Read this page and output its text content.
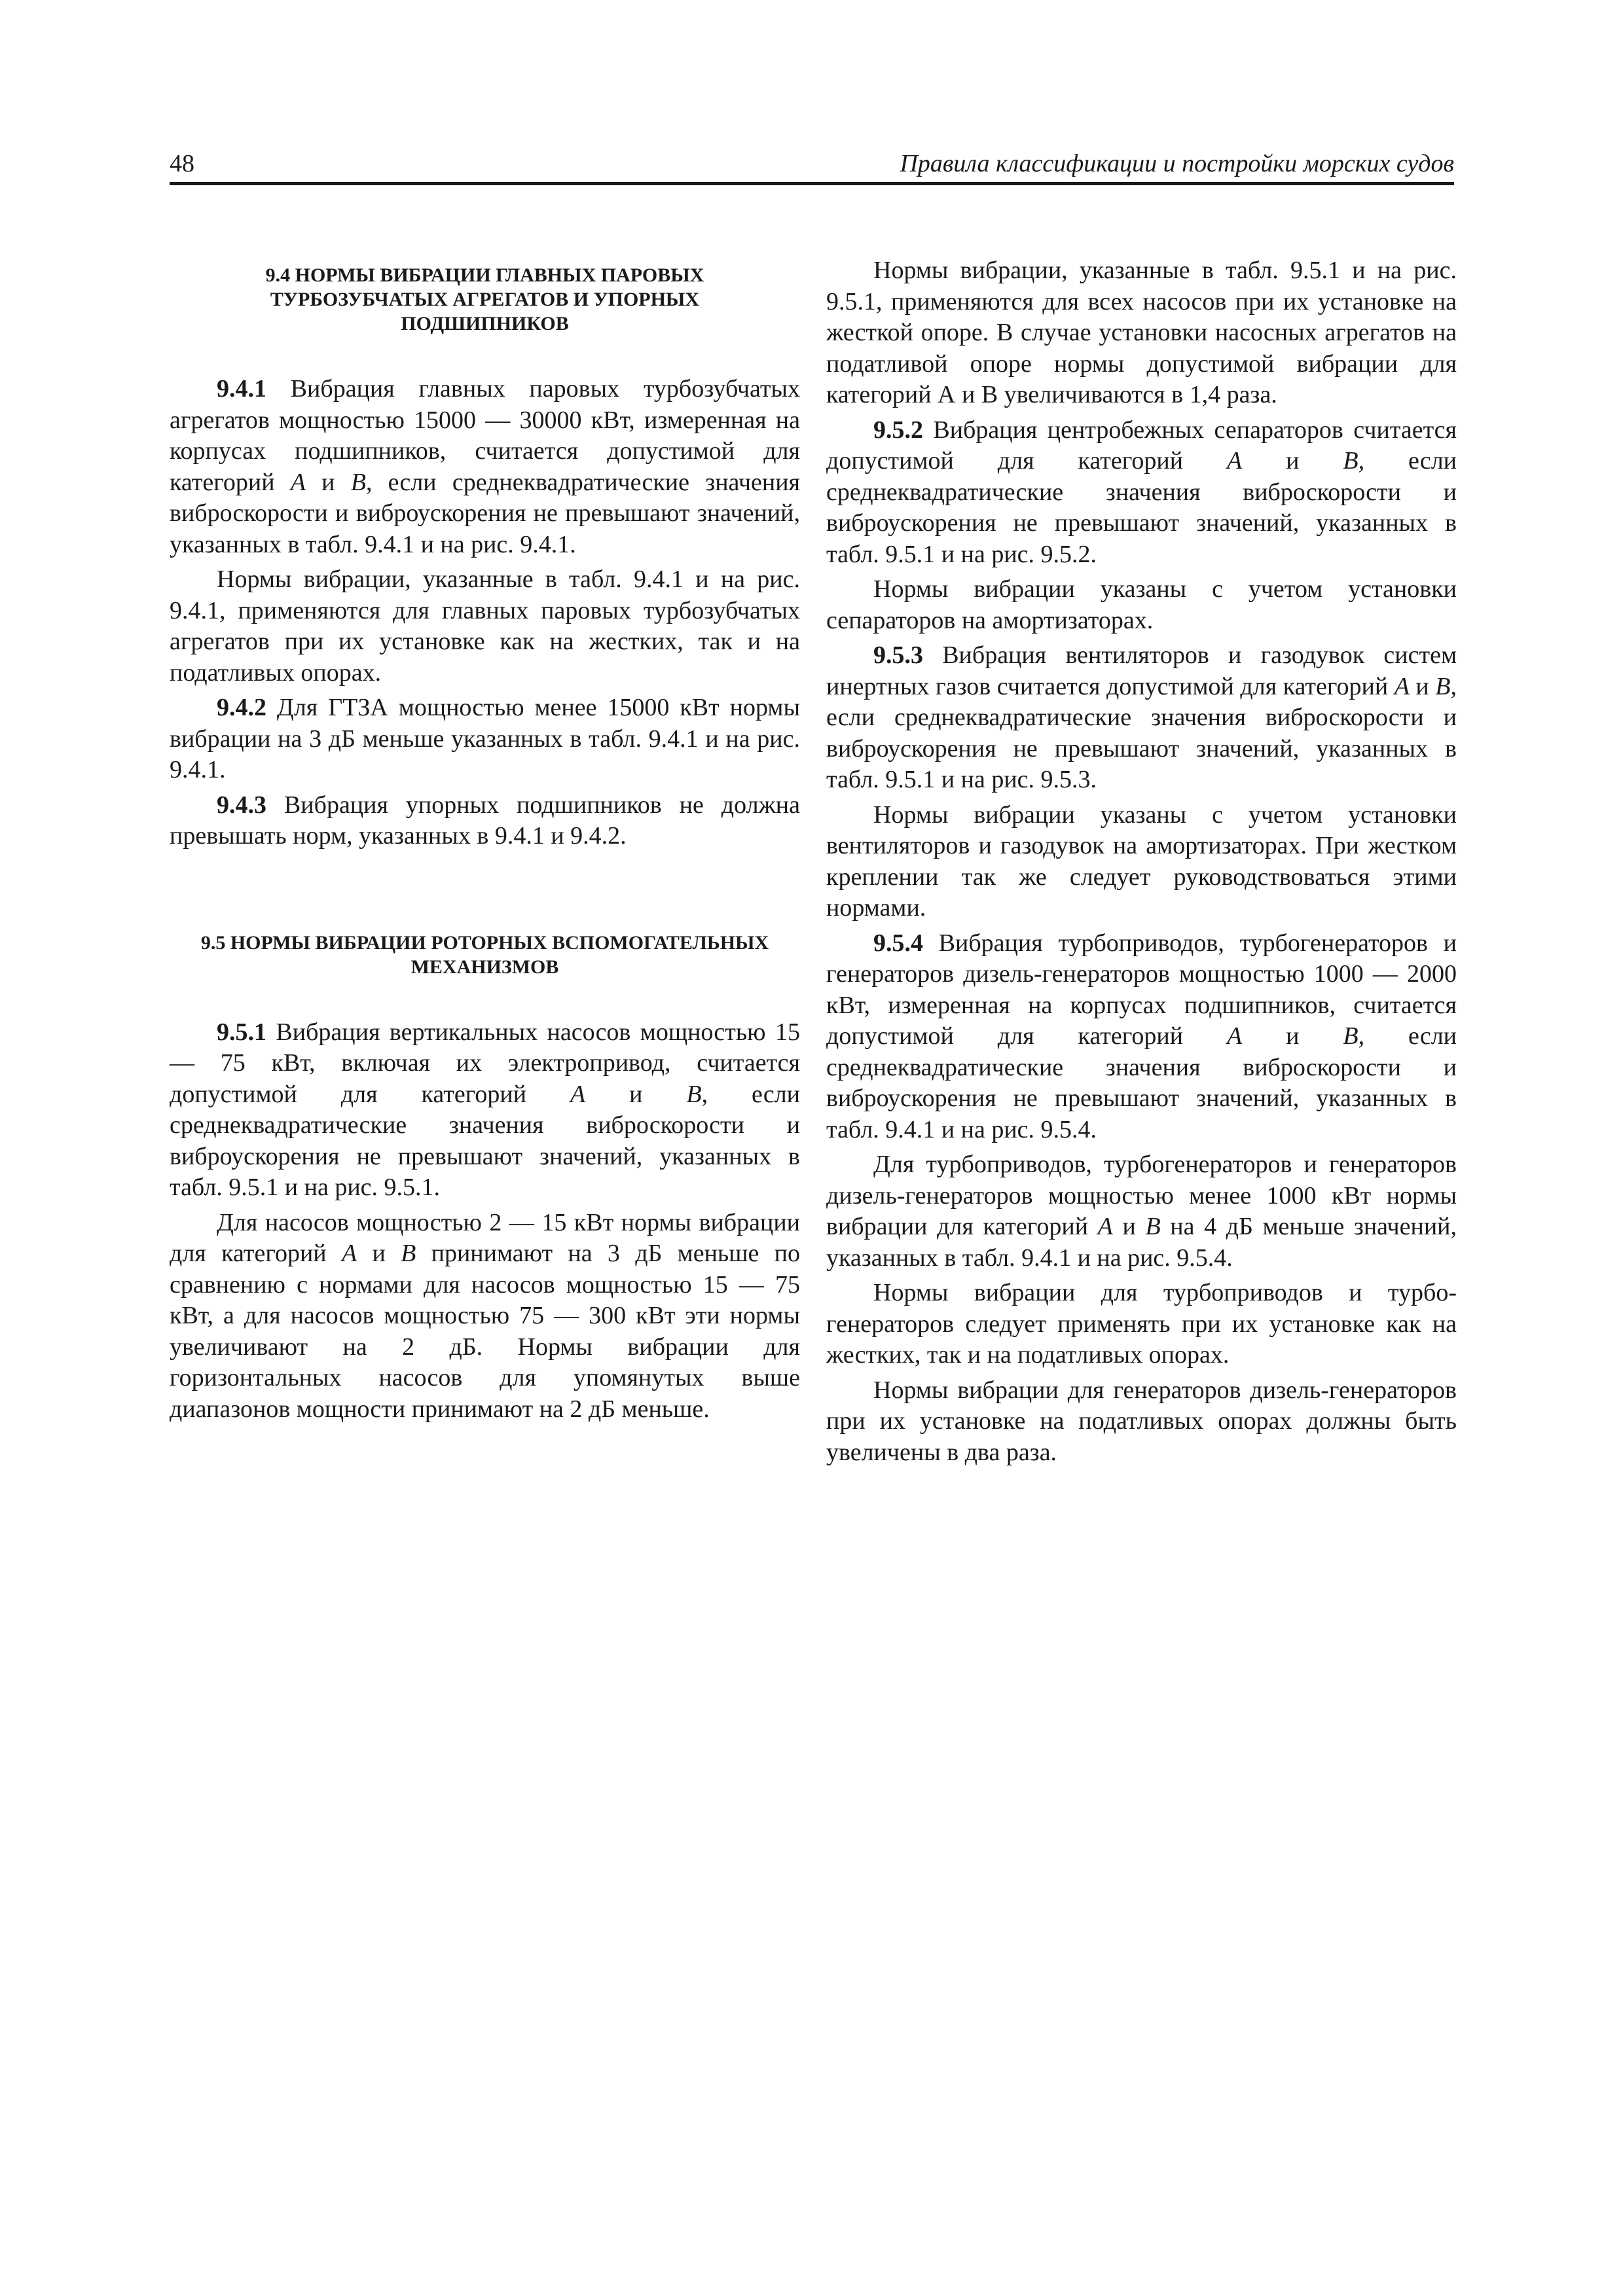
48	Правила классификации и постройки морских судов
9.4 НОРМЫ ВИБРАЦИИ ГЛАВНЫХ ПАРОВЫХ ТУРБОЗУБЧАТЫХ АГРЕГАТОВ И УПОРНЫХ ПОДШИПНИКОВ

9.4.1 Вибрация главных паровых турбозубчатых агрегатов мощностью 15000 — 30000 кВт, измеренная на корпусах подшипников, считается допустимой для категорий А и В, если среднеквадратические значения виброскорости и виброускорения не превышают значений, указанных в табл. 9.4.1 и на рис. 9.4.1.

Нормы вибрации, указанные в табл. 9.4.1 и на рис. 9.4.1, применяются для главных паровых турбозубчатых агрегатов при их установке как на жестких, так и на податливых опорах.

9.4.2 Для ГТЗА мощностью менее 15000 кВт нормы вибрации на 3 дБ меньше указанных в табл. 9.4.1 и на рис. 9.4.1.

9.4.3 Вибрация упорных подшипников не должна превышать норм, указанных в 9.4.1 и 9.4.2.

9.5 НОРМЫ ВИБРАЦИИ РОТОРНЫХ ВСПОМОГАТЕЛЬНЫХ МЕХАНИЗМОВ

9.5.1 Вибрация вертикальных насосов мощностью 15 — 75 кВт, включая их электропривод, считается допустимой для категорий А и В, если среднеквадратические значения виброскорости и виброускорения не превышают значений, указанных в табл. 9.5.1 и на рис. 9.5.1.

Для насосов мощностью 2 — 15 кВт нормы вибрации для категорий А и В принимают на 3 дБ меньше по сравнению с нормами для насосов мощностью 15 — 75 кВт, а для насосов мощностью 75 — 300 кВт эти нормы увеличивают на 2 дБ. Нормы вибрации для горизонтальных насосов для упомянутых выше диапазонов мощности принимают на 2 дБ меньше.

Нормы вибрации, указанные в табл. 9.5.1 и на рис. 9.5.1, применяются для всех насосов при их установке на жесткой опоре. В случае установки насосных агрегатов на податливой опоре нормы допустимой вибрации для категорий А и В увеличиваются в 1,4 раза.

9.5.2 Вибрация центробежных сепараторов считается допустимой для категорий А и В, если среднеквадратические значения виброскорости и виброускорения не превышают значений, указанных в табл. 9.5.1 и на рис. 9.5.2.

Нормы вибрации указаны с учетом установки сепараторов на амортизаторах.

9.5.3 Вибрация вентиляторов и газодувок систем инертных газов считается допустимой для категорий А и В, если среднеквадратические значения виброскорости и виброускорения не превышают значений, указанных в табл. 9.5.1 и на рис. 9.5.3.

Нормы вибрации указаны с учетом установки вентиляторов и газодувок на амортизаторах. При жестком креплении так же следует руководствоваться этими нормами.

9.5.4 Вибрация турбоприводов, турбогенераторов и генераторов дизель-генераторов мощностью 1000 — 2000 кВт, измеренная на корпусах подшипников, считается допустимой для категорий А и В, если среднеквадратические значения виброскорости и виброускорения не превышают значений, указанных в табл. 9.4.1 и на рис. 9.5.4.

Для турбоприводов, турбогенераторов и генераторов дизель-генераторов мощностью менее 1000 кВт нормы вибрации для категорий А и В на 4 дБ меньше значений, указанных в табл. 9.4.1 и на рис. 9.5.4.

Нормы вибрации для турбоприводов и турбогенераторов следует применять при их установке как на жестких, так и на податливых опорах.

Нормы вибрации для генераторов дизель-генераторов при их установке на податливых опорах должны быть увеличены в два раза.
